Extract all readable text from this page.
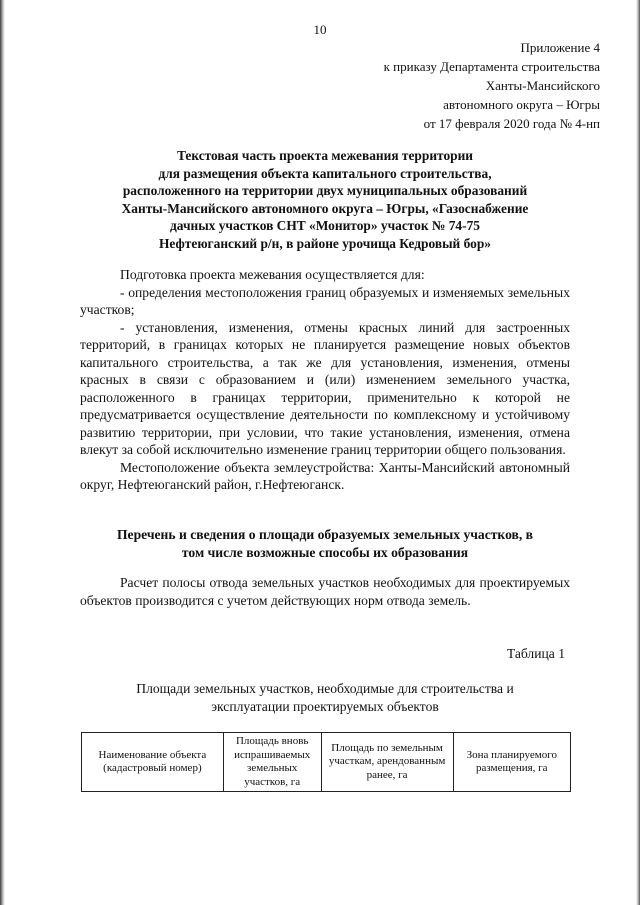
10
Приложение 4
к приказу Департамента строительства
Ханты-Мансийского
автономного округа – Югры
от 17 февраля 2020 года № 4-нп
Текстовая часть проекта межевания территории
для размещения объекта капитального строительства,
расположенного на территории двух муниципальных образований
Ханты-Мансийского автономного округа – Югры, «Газоснабжение
дачных участков СНТ «Монитор» участок № 74-75
Нефтеюганский р/н, в районе урочища Кедровый бор»

Подготовка проекта межевания осуществляется для:

- определения местоположения границ образуемых и изменяемых земельных участков;

- установления, изменения, отмены красных линий для застроенных территорий, в границах которых не планируется размещение новых объектов капитального строительства, а так же для установления, изменения, отмены красных в связи с образованием и (или) изменением земельного участка, расположенного в границах территории, применительно к которой не предусматривается осуществление деятельности по комплексному и устойчивому развитию территории, при условии, что такие установления, изменения, отмена влекут за собой исключительно изменение границ территории общего пользования.

Местоположение объекта землеустройства: Ханты-Мансийский автономный округ, Нефтеюганский район, г.Нефтеюганск.

Перечень и сведения о площади образуемых земельных участков, в
том числе возможные способы их образования

Расчет полосы отвода земельных участков необходимых для проектируемых объектов производится с учетом действующих норм отвода земель.

Таблица 1
Площади земельных участков, необходимые для строительства и
эксплуатации проектируемых объектов
Наименование объекта (кадастровый номер)	Площадь вновь испрашиваемых земельных участков, га	Площадь по земельным участкам, арендованным ранее, га	Зона планируемого размещения, га
